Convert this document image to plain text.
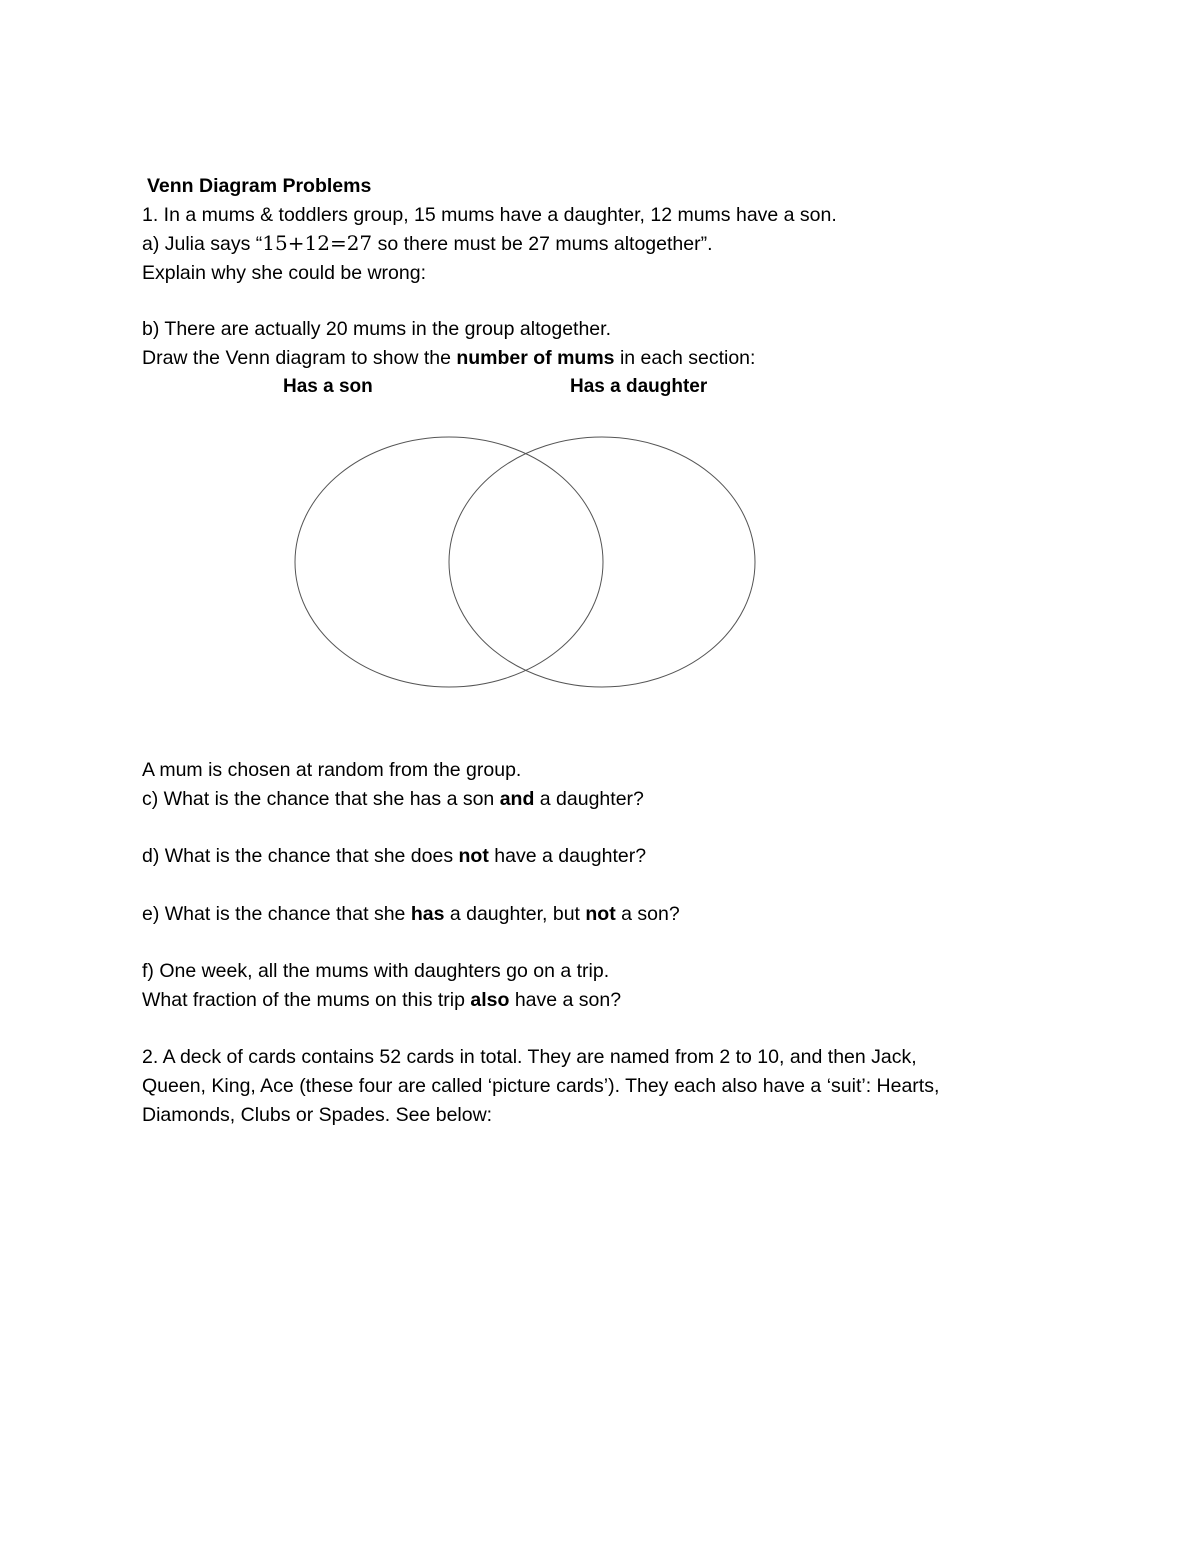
Venn Diagram Problems
1. In a mums & toddlers group, 15 mums have a daughter, 12 mums have a son.
a) Julia says “15+12=27 so there must be 27 mums altogether”.
Explain why she could be wrong:
b) There are actually 20 mums in the group altogether.
Draw the Venn diagram to show the number of mums in each section:
Has a son	Has a daughter
A mum is chosen at random from the group.
c) What is the chance that she has a son and a daughter?
d) What is the chance that she does not have a daughter?
e) What is the chance that she has a daughter, but not a son?
f) One week, all the mums with daughters go on a trip.
What fraction of the mums on this trip also have a son?
2. A deck of cards contains 52 cards in total. They are named from 2 to 10, and then Jack,
Queen, King, Ace (these four are called ‘picture cards’). They each also have a ‘suit’: Hearts,
Diamonds, Clubs or Spades. See below:
